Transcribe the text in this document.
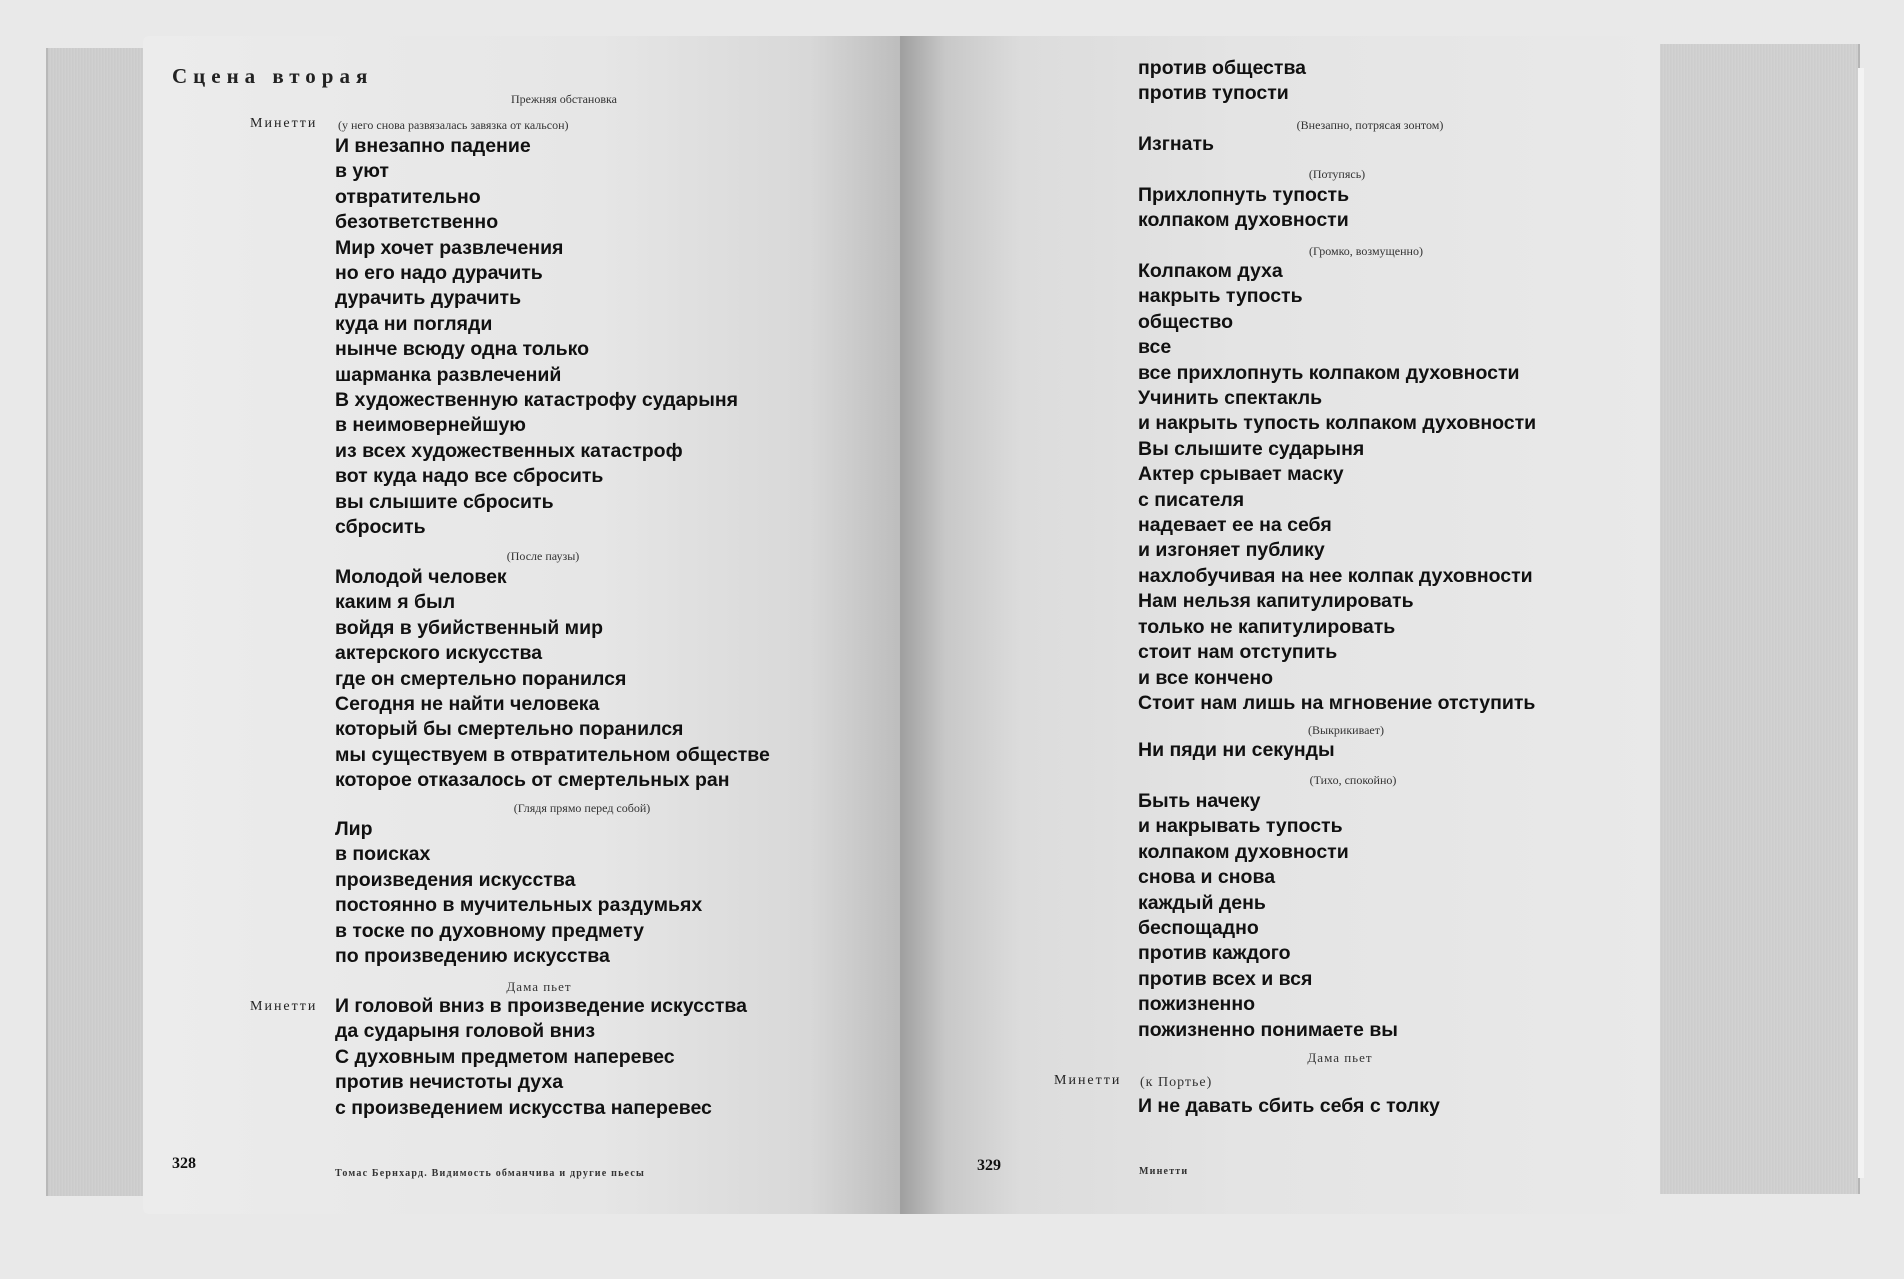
Сцена вторая
Прежняя обстановка
Минетти (у него снова развязалась завязка от кальсон)
И внезапно падение
в уют
отвратительно
безответственно
Мир хочет развлечения
но его надо дурачить
дурачить дурачить
куда ни погляди
нынче всюду одна только
шарманка развлечений
В художественную катастрофу сударыня
в неимовернейшую
из всех художественных катастроф
вот куда надо все сбросить
вы слышите сбросить
сбросить
(После паузы)
Молодой человек
каким я был
войдя в убийственный мир
актерского искусства
где он смертельно поранился
Сегодня не найти человека
который бы смертельно поранился
мы существуем в отвратительном обществе
которое отказалось от смертельных ран
(Глядя прямо перед собой)
Лир
в поисках
произведения искусства
постоянно в мучительных раздумьях
в тоске по духовному предмету
по произведению искусства
Дама пьет
Минетти И головой вниз в произведение искусства
да сударыня головой вниз
С духовным предметом наперевес
против нечистоты духа
с произведением искусства наперевес
328
Томас Бернхард. Видимость обманчива и другие пьесы
против общества
против тупости
(Внезапно, потрясая зонтом)
Изгнать
(Потупясь)
Прихлопнуть тупость
колпаком духовности
(Громко, возмущенно)
Колпаком духа
накрыть тупость
общество
все
все прихлопнуть колпаком духовности
Учинить спектакль
и накрыть тупость колпаком духовности
Вы слышите сударыня
Актер срывает маску
с писателя
надевает ее на себя
и изгоняет публику
нахлобучивая на нее колпак духовности
Нам нельзя капитулировать
только не капитулировать
стоит нам отступить
и все кончено
Стоит нам лишь на мгновение отступить
(Выкрикивает)
Ни пяди ни секунды
(Тихо, спокойно)
Быть начеку
и накрывать тупость
колпаком духовности
снова и снова
каждый день
беспощадно
против каждого
против всех и вся
пожизненно
пожизненно понимаете вы
Дама пьет
Минетти (к Портье)
И не давать сбить себя с толку
329	Минетти
